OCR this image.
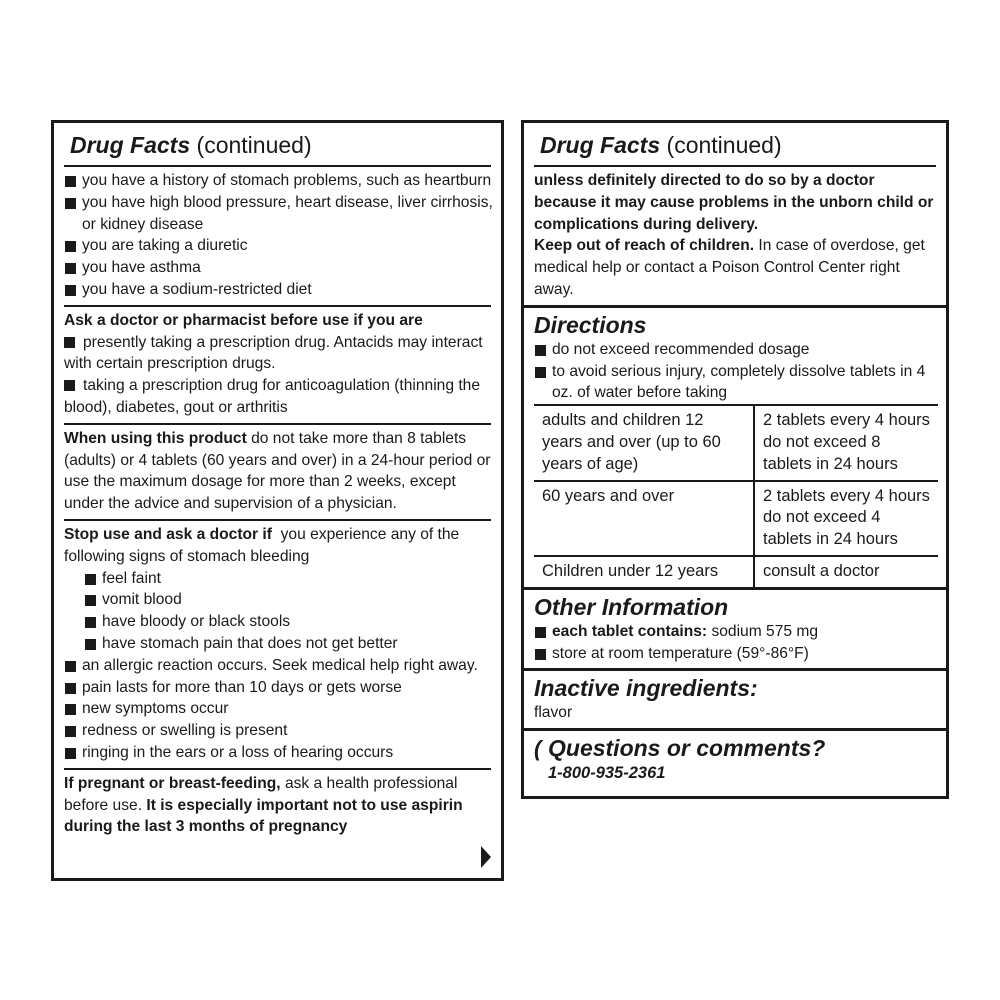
Drug Facts (continued)
you have a history of stomach problems, such as heartburn
you have high blood pressure, heart disease, liver cirrhosis, or kidney disease
you are taking a diuretic
you have asthma
you have a sodium-restricted diet
Ask a doctor or pharmacist before use if you are
presently taking a prescription drug. Antacids may interact with certain prescription drugs.
taking a prescription drug for anticoagulation (thinning the blood), diabetes, gout or arthritis
When using this product do not take more than 8 tablets (adults) or 4 tablets (60 years and over) in a 24-hour period or use the maximum dosage for more than 2 weeks, except under the advice and supervision of a physician.
Stop use and ask a doctor if  you experience any of the following signs of stomach bleeding
feel faint
vomit blood
have bloody or black stools
have stomach pain that does not get better
an allergic reaction occurs. Seek medical help right away.
pain lasts for more than 10 days or gets worse
new symptoms occur
redness or swelling is present
ringing in the ears or a loss of hearing occurs
If pregnant or breast-feeding, ask a health professional before use. It is especially important not to use aspirin during the last 3 months of pregnancy
Drug Facts (continued)
unless definitely directed to do so by a doctor because it may cause problems in the unborn child or complications during delivery.
Keep out of reach of children. In case of overdose, get medical help or contact a Poison Control Center right away.
Directions
do not exceed recommended dosage
to avoid serious injury, completely dissolve tablets in 4 oz. of water before taking
adults and children 12 years and over (up to 60 years of age)	2 tablets every 4 hours do not exceed 8 tablets in 24 hours
60 years and over	2 tablets every 4 hours do not exceed 4 tablets in 24 hours
Children under 12 years	consult a doctor
Other Information
each tablet contains: sodium 575 mg
store at room temperature (59°-86°F)
Inactive ingredients:
flavor
( Questions or comments?
1-800-935-2361
